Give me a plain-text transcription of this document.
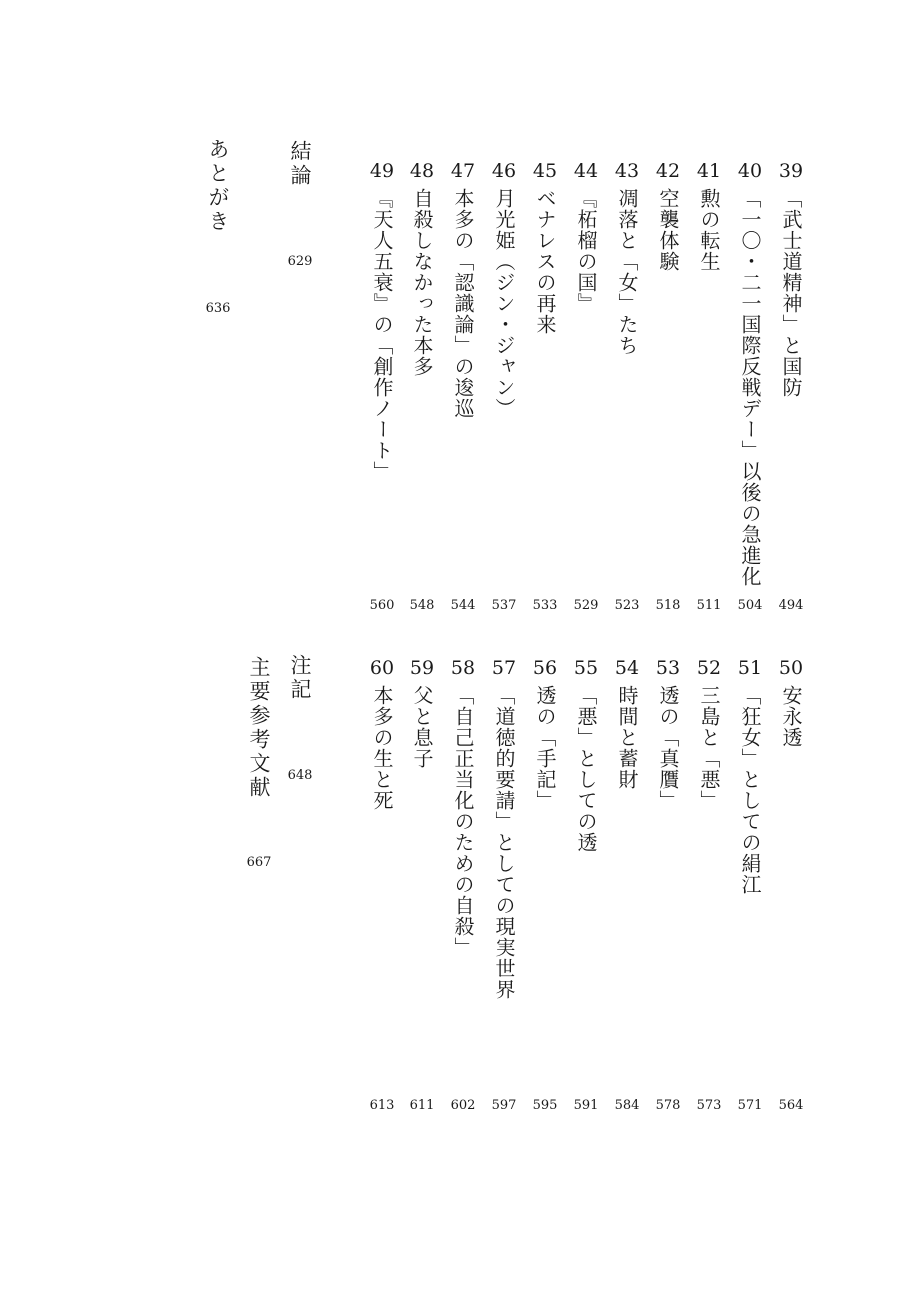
39
「武士道精神」と国防
494
40
「一〇・二一国際反戦デー」以後の急進化
504
41
勲の転生
511
42
空襲体験
518
43
凋落と「女」たち
523
44
『柘榴の国』
529
45
ベナレスの再来
533
46
月光姫（ジン・ジャン）
537
47
本多の「認識論」の逡巡
544
48
自殺しなかった本多
548
49
『天人五衰』の「創作ノート」
560
結論
629
あとがき
636
50
安永透
564
51
「狂女」としての絹江
571
52
三島と「悪」
573
53
透の「真贋」
578
54
時間と蓄財
584
55
「悪」としての透
591
56
透の「手記」
595
57
「道徳的要請」としての現実世界
597
58
「自己正当化のための自殺」
602
59
父と息子
611
60
本多の生と死
613
注記
648
主要参考文献
667
